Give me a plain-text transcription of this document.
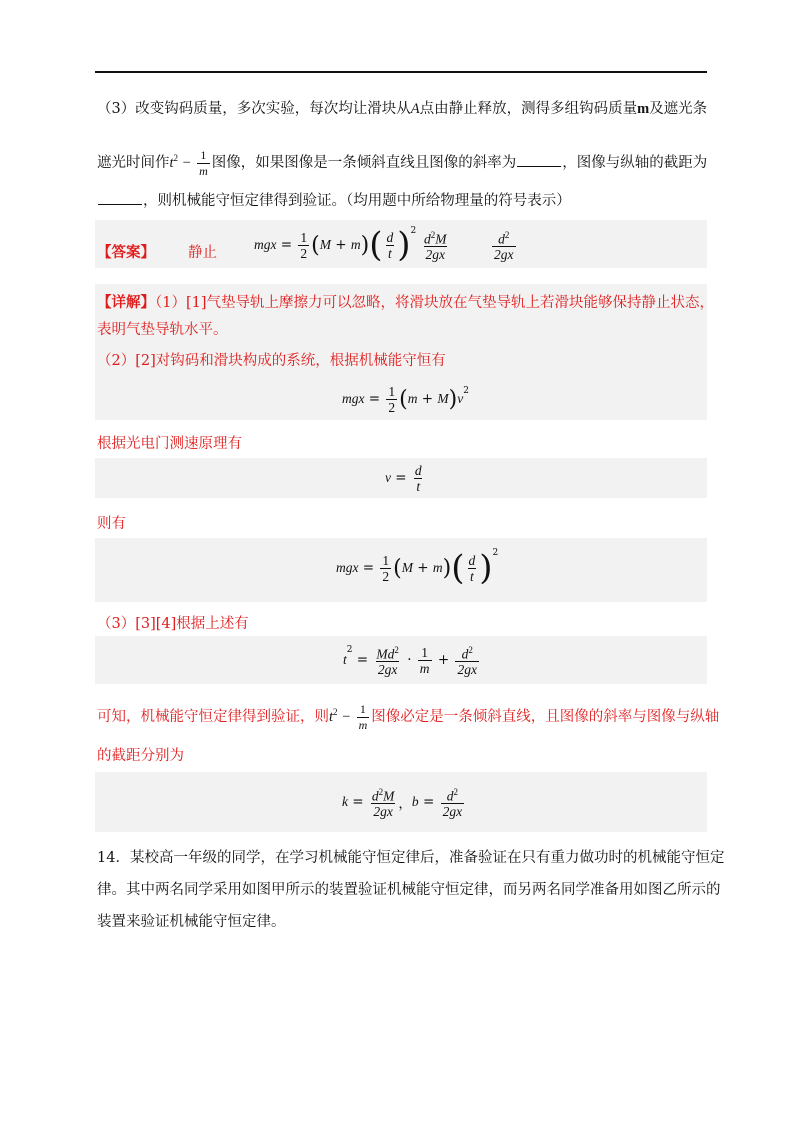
（3）改变钩码质量，多次实验，每次均让滑块从A点由静止释放，测得多组钩码质量m及遮光条
遮光时间作$t^2 - \frac{1}{m}$ 图像，如果图像是一条倾斜直线且图像的斜率为	，图像与纵轴的截距为
，则机械能守恒定律得到验证。（均用题中所给物理量的符号表示）
【答案】 静止
mgx = $\frac{1}{2}$ ( M + m ) ( $\frac{d}{t} )^2 \frac{d^2M}{2gx}$	$\frac{d^2}{2gx}$
【详解】（1）[1]气垫导轨上摩擦力可以忽略，将滑块放在气垫导轨上若滑块能够保持静止状态，
表明气垫导轨水平。
（2）[2]对钩码和滑块构成的系统，根据机械能守恒有
mgx = $\frac{1}{2}$ ( m + M ) $v^2$
根据光电门测速原理有
$v = \frac{d}{t}$
则有
mgx = $\frac{1}{2}$ ( M + m ) ( $\frac{d}{t} )^2$
（3）[3][4]根据上述有
t
$^2$
= $\frac{Md^2}{2gx} \cdot \frac{1}{m} + \frac{d^2}{2gx}$
可知，机械能守恒定律得到验证，则$t^2 - \frac{1}{m}$ 图像必定是一条倾斜直线，且图像的斜率与图像与纵轴
的截距分别为
$k = \frac{d^2M}{2gx}$ ， $b = \frac{d^2}{2gx}$
14．某校高一年级的同学，在学习机械能守恒定律后，准备验证在只有重力做功时的机械能守恒定
律。其中两名同学采用如图甲所示的装置验证机械能守恒定律，而另两名同学准备用如图乙所示的
装置来验证机械能守恒定律。
